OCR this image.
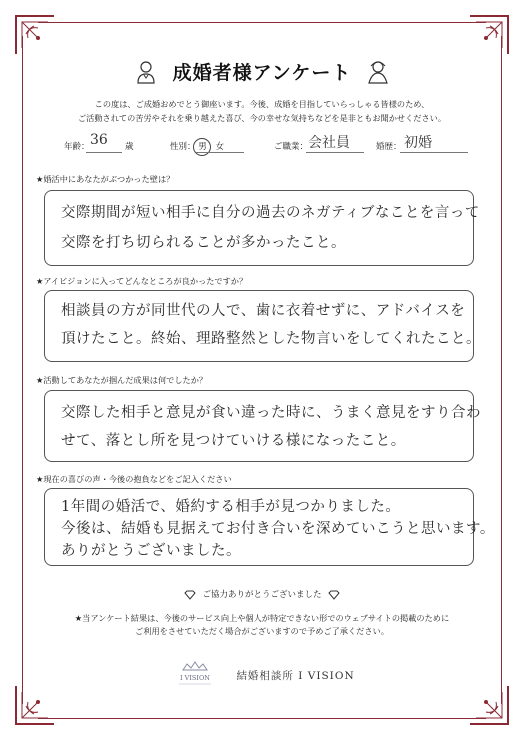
成婚者様アンケート
この度は、ご成婚おめでとう御座います。今後、成婚を目指していらっしゃる皆様のため、
ご活動されての苦労やそれを乗り越えた喜び、今の幸せな気持ちなどを是非ともお聞かせください。
年齢： 36 歳	性別： 男 女	ご職業： 会社員	婚歴： 初婚
★婚活中にあなたがぶつかった壁は？
交際期間が短い相手に自分の過去のネガティブなことを言って
交際を打ち切られることが多かったこと。
★アイビジョンに入ってどんなところが良かったですか？
相談員の方が同世代の人で、歯に衣着せずに、アドバイスを
頂けたこと。終始、理路整然とした物言いをしてくれたこと。
★活動してあなたが掴んだ成果は何でしたか？
交際した相手と意見が食い違った時に、うまく意見をすり合わ
せて、落とし所を見つけていける様になったこと。
★現在の喜びの声・今後の抱負などをご記入ください
1年間の婚活で、婚約する相手が見つかりました。
今後は、結婚も見据えてお付き合いを深めていこうと思います。
ありがとうございました。
ご協力ありがとうございました
★当アンケート結果は、今後のサービス向上や個人が特定できない形でのウェブサイトの掲載のために
ご利用をさせていただく場合がございますので予めご了承ください。
I VISION 結婚相談所 I VISION
